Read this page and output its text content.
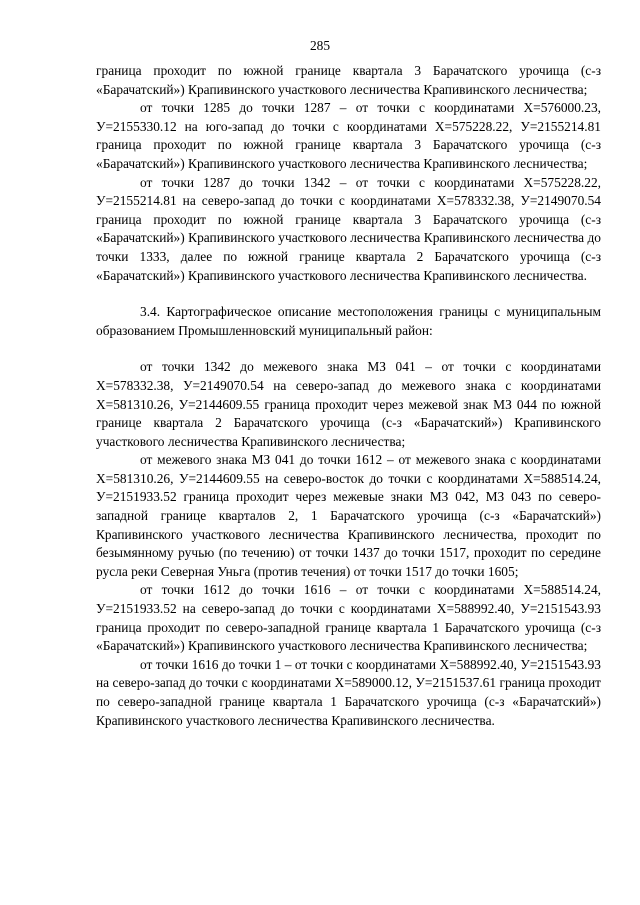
285

граница проходит по южной границе квартала 3 Барачатского урочища (с-з «Барачатский») Крапивинского участкового лесничества Крапивинского лесничества;

от точки 1285 до точки 1287 – от точки с координатами Х=576000.23, У=2155330.12 на юго-запад до точки с координатами Х=575228.22, У=2155214.81 граница проходит по южной границе квартала 3 Барачатского урочища (с-з «Барачатский») Крапивинского участкового лесничества Крапивинского лесничества;

от точки 1287 до точки 1342 – от точки с координатами Х=575228.22, У=2155214.81 на северо-запад до точки с координатами Х=578332.38, У=2149070.54 граница проходит по южной границе квартала 3 Барачатского урочища (с-з «Барачатский») Крапивинского участкового лесничества Крапивинского лесничества до точки 1333, далее по южной границе квартала 2 Барачатского урочища (с-з «Барачатский») Крапивинского участкового лесничества Крапивинского лесничества.

3.4. Картографическое описание местоположения границы с муниципальным образованием Промышленновский муниципальный район:

от точки 1342 до межевого знака МЗ 041 – от точки с координатами Х=578332.38, У=2149070.54 на северо-запад до межевого знака с координатами Х=581310.26, У=2144609.55 граница проходит через межевой знак МЗ 044 по южной границе квартала 2 Барачатского урочища (с-з «Барачатский») Крапивинского участкового лесничества Крапивинского лесничества;

от межевого знака МЗ 041 до точки 1612 – от межевого знака с координатами Х=581310.26, У=2144609.55 на северо-восток до точки с координатами Х=588514.24, У=2151933.52 граница проходит через межевые знаки МЗ 042, МЗ 043 по северо-западной границе кварталов 2, 1 Барачатского урочища (с-з «Барачатский») Крапивинского участкового лесничества Крапивинского лесничества, проходит по безымянному ручью (по течению) от точки 1437 до точки 1517, проходит по середине русла реки Северная Уньга (против течения) от точки 1517 до точки 1605;

от точки 1612 до точки 1616 – от точки с координатами Х=588514.24, У=2151933.52 на северо-запад до точки с координатами Х=588992.40, У=2151543.93 граница проходит по северо-западной границе квартала 1 Барачатского урочища (с-з «Барачатский») Крапивинского участкового лесничества Крапивинского лесничества;

от точки 1616 до точки 1 – от точки с координатами Х=588992.40, У=2151543.93 на северо-запад до точки с координатами Х=589000.12, У=2151537.61 граница проходит по северо-западной границе квартала 1 Барачатского урочища (с-з «Барачатский») Крапивинского участкового лесничества Крапивинского лесничества.
